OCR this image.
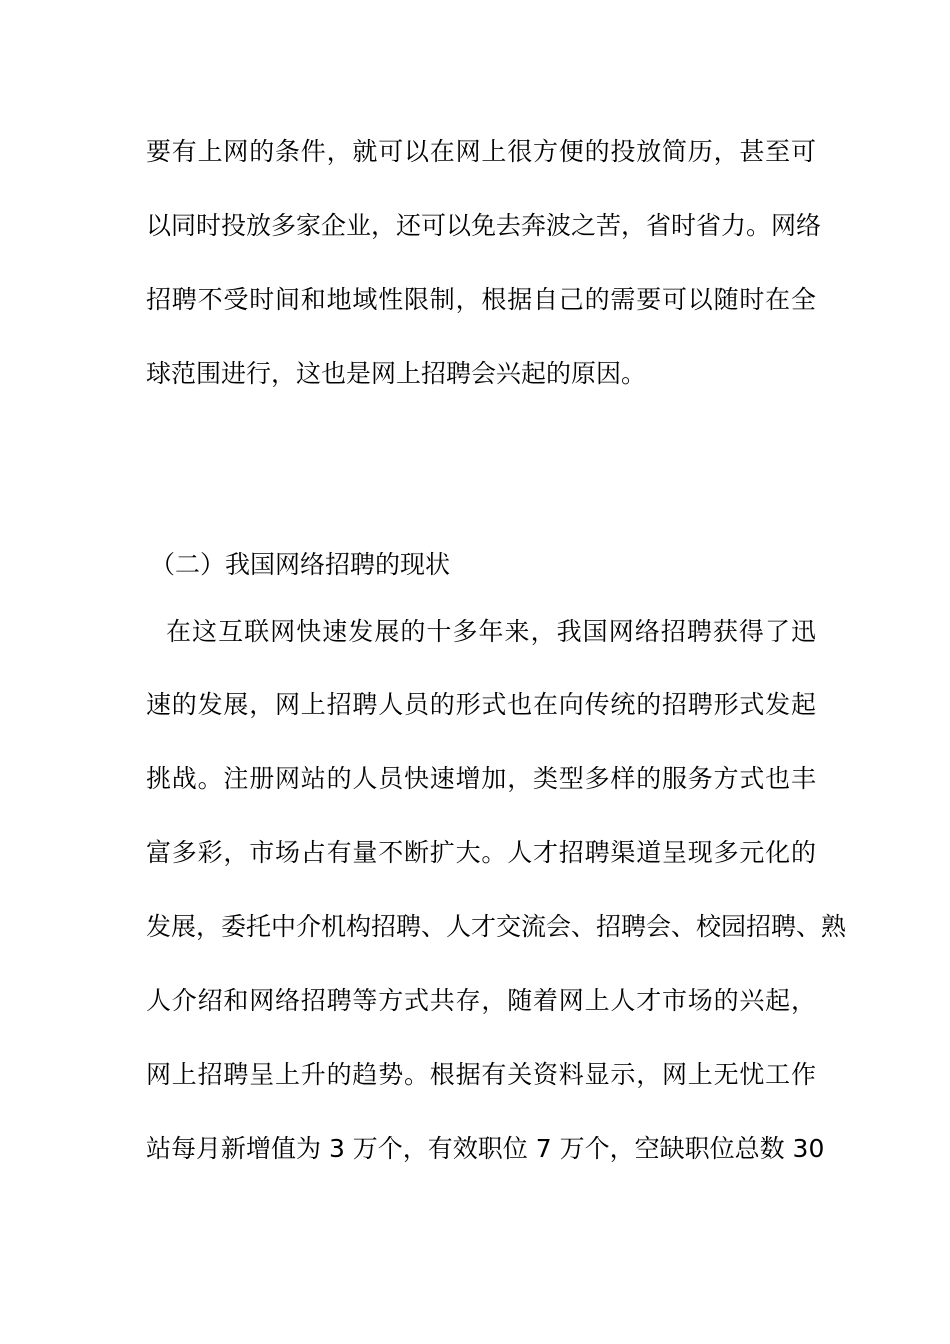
要有上网的条件，就可以在网上很方便的投放简历，甚至可
以同时投放多家企业，还可以免去奔波之苦，省时省力。网络
招聘不受时间和地域性限制，根据自己的需要可以随时在全
球范围进行，这也是网上招聘会兴起的原因。
（二）我国网络招聘的现状
在这互联网快速发展的十多年来，我国网络招聘获得了迅
速的发展，网上招聘人员的形式也在向传统的招聘形式发起
挑战。注册网站的人员快速增加，类型多样的服务方式也丰
富多彩，市场占有量不断扩大。人才招聘渠道呈现多元化的
发展，委托中介机构招聘、人才交流会、招聘会、校园招聘、熟
人介绍和网络招聘等方式共存，随着网上人才市场的兴起，
网上招聘呈上升的趋势。根据有关资料显示，网上无忧工作
站每月新增值为 3 万个，有效职位 7 万个，空缺职位总数 30
